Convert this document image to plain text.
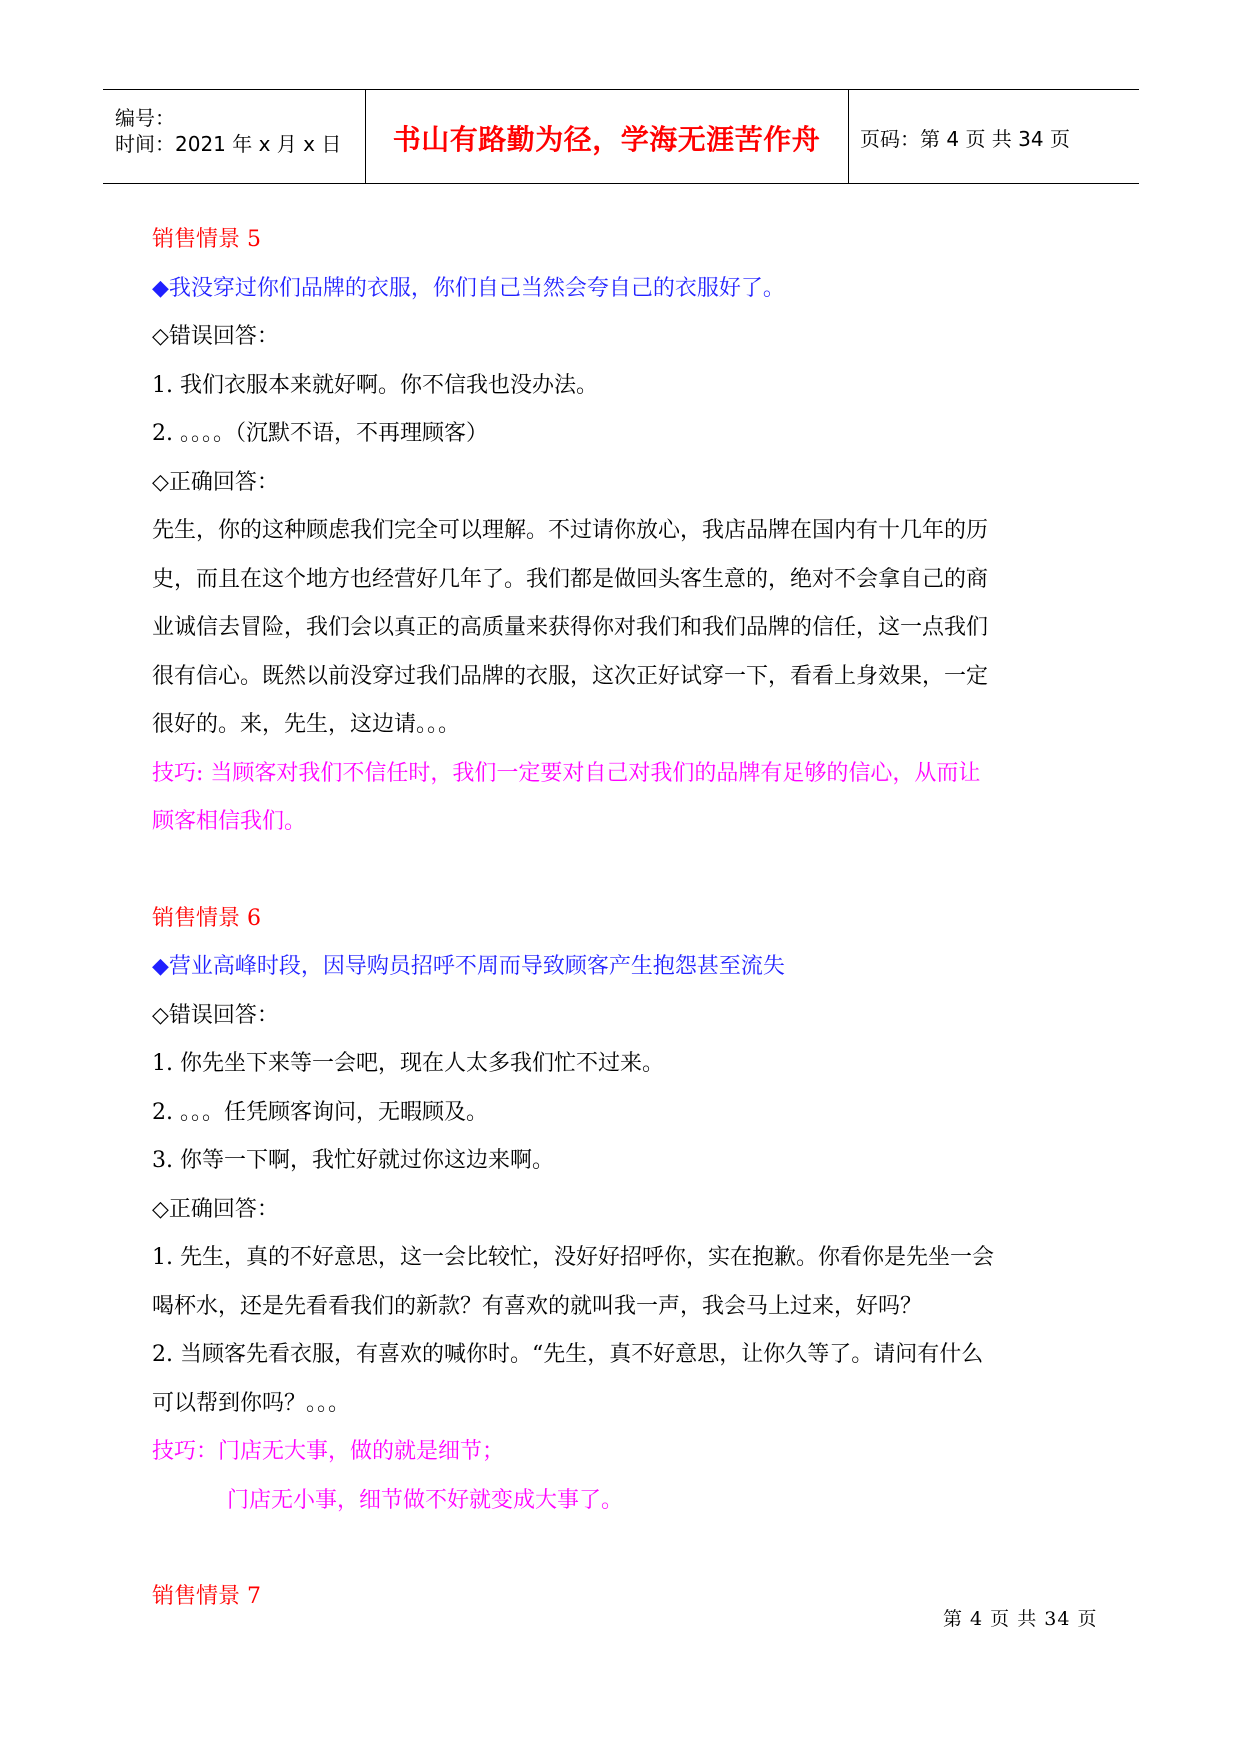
编号：
时间：2021 年 x 月 x 日	书山有路勤为径，学海无涯苦作舟	页码：第 4 页 共 34 页
销售情景 5
◆我没穿过你们品牌的衣服，你们自己当然会夸自己的衣服好了。
◇错误回答：
1. 我们衣服本来就好啊。你不信我也没办法。
2. 。。。。（沉默不语，不再理顾客）
◇正确回答：
先生，你的这种顾虑我们完全可以理解。不过请你放心，我店品牌在国内有十几年的历
史，而且在这个地方也经营好几年了。我们都是做回头客生意的，绝对不会拿自己的商
业诚信去冒险，我们会以真正的高质量来获得你对我们和我们品牌的信任，这一点我们
很有信心。既然以前没穿过我们品牌的衣服，这次正好试穿一下，看看上身效果，一定
很好的。来，先生，这边请。。。
技巧: 当顾客对我们不信任时，我们一定要对自己对我们的品牌有足够的信心，从而让
顾客相信我们。
销售情景 6
◆营业高峰时段，因导购员招呼不周而导致顾客产生抱怨甚至流失
◇错误回答：
1. 你先坐下来等一会吧，现在人太多我们忙不过来。
2. 。。。任凭顾客询问，无暇顾及。
3. 你等一下啊，我忙好就过你这边来啊。
◇正确回答：
1. 先生，真的不好意思，这一会比较忙，没好好招呼你，实在抱歉。你看你是先坐一会
喝杯水，还是先看看我们的新款？有喜欢的就叫我一声，我会马上过来，好吗？
2. 当顾客先看衣服，有喜欢的喊你时。“先生，真不好意思，让你久等了。请问有什么
可以帮到你吗？。。。
技巧：门店无大事，做的就是细节；
门店无小事，细节做不好就变成大事了。
销售情景 7
第 4 页 共 34 页
